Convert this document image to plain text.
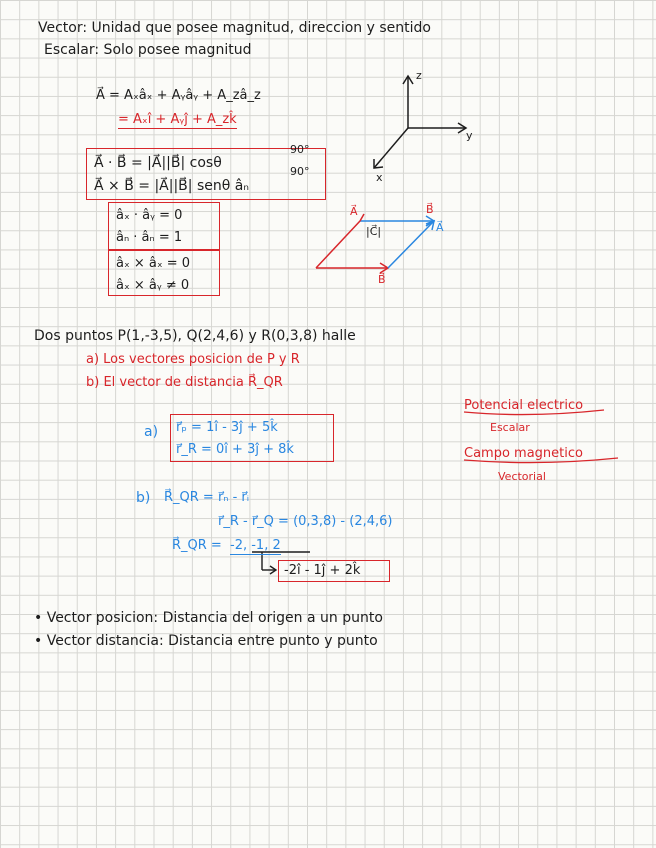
Vector: Unidad que posee magnitud, direccion y sentido
Escalar: Solo posee magnitud
A⃗ = Aₓâₓ + Aᵧâᵧ + A_zâ_z
= Aₓî + Aᵧĵ + A_zk̂
A⃗ · B⃗ = |A⃗||B⃗| cosθ
A⃗ × B⃗ = |A⃗||B⃗| senθ âₙ
90°
90°
âₓ · âᵧ = 0
âₙ · âₙ = 1
âₓ × âₓ = 0
âₓ × âᵧ ≠ 0
z
y
x
A⃗	B⃗
|C⃗|	A⃗
B⃗
Dos puntos P(1,-3,5), Q(2,4,6) y R(0,3,8) halle
a) Los vectores posicion de P y R
b) El vector de distancia R⃗_QR
Potencial electrico
Escalar
Campo magnetico
Vectorial
a) r⃗ₚ = 1î - 3ĵ + 5k̂
r⃗_R = 0î + 3ĵ + 8k̂
b) R⃗_QR = r⃗ₙ - r⃗ᵢ
r⃗_R - r⃗_Q = (0,3,8) - (2,4,6)
R⃗_QR = -2, -1, 2
-2î - 1ĵ + 2k̂
• Vector posicion: Distancia del origen a un punto
• Vector distancia: Distancia entre punto y punto
